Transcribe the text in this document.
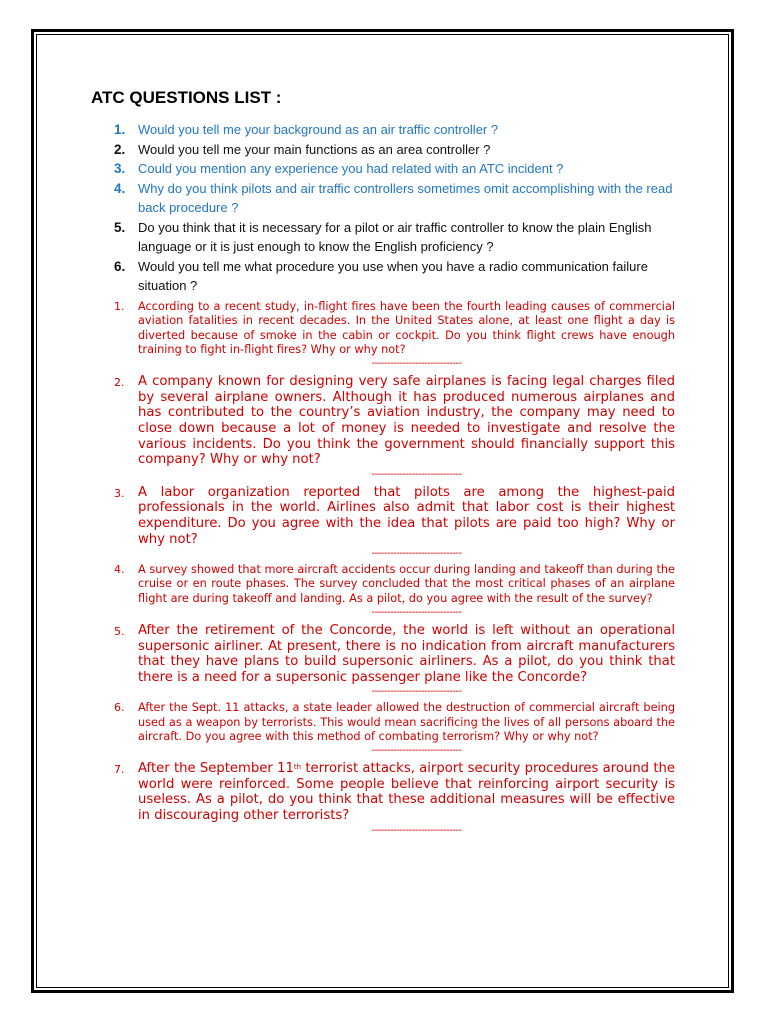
ATC QUESTIONS LIST :
1. Would you tell me your background as an air traffic controller ?
2. Would you tell me your main functions as an area controller ?
3. Could you mention any experience you had related with an ATC incident ?
4. Why do you think pilots and air traffic controllers sometimes omit accomplishing with the read back procedure ?
5. Do you think that it is necessary for a pilot or air traffic controller to know the plain English language or it is just enough to know the English proficiency ?
6. Would you tell me what procedure you use when you have a radio communication failure situation ?
1. According to a recent study, in-flight fires have been the fourth leading causes of commercial aviation fatalities in recent decades. In the United States alone, at least one flight a day is diverted because of smoke in the cabin or cockpit. Do you think flight crews have enough training to fight in-flight fires? Why or why not?

-----------------------------
2. A company known for designing very safe airplanes is facing legal charges filed by several airplane owners. Although it has produced numerous airplanes and has contributed to the country’s aviation industry, the company may need to close down because a lot of money is needed to investigate and resolve the various incidents. Do you think the government should financially support this company? Why or why not?

-----------------------------
3. A labor organization reported that pilots are among the highest-paid professionals in the world. Airlines also admit that labor cost is their highest expenditure. Do you agree with the idea that pilots are paid too high? Why or why not?

-----------------------------
4. A survey showed that more aircraft accidents occur during landing and takeoff than during the cruise or en route phases. The survey concluded that the most critical phases of an airplane flight are during takeoff and landing. As a pilot, do you agree with the result of the survey?

-----------------------------
5. After the retirement of the Concorde, the world is left without an operational supersonic airliner. At present, there is no indication from aircraft manufacturers that they have plans to build supersonic airliners. As a pilot, do you think that there is a need for a supersonic passenger plane like the Concorde?

-----------------------------
6. After the Sept. 11 attacks, a state leader allowed the destruction of commercial aircraft being used as a weapon by terrorists. This would mean sacrificing the lives of all persons aboard the aircraft. Do you agree with this method of combating terrorism? Why or why not?

-----------------------------
7. After the September 11th terrorist attacks, airport security procedures around the world were reinforced. Some people believe that reinforcing airport security is useless. As a pilot, do you think that these additional measures will be effective in discouraging other terrorists?

-----------------------------
